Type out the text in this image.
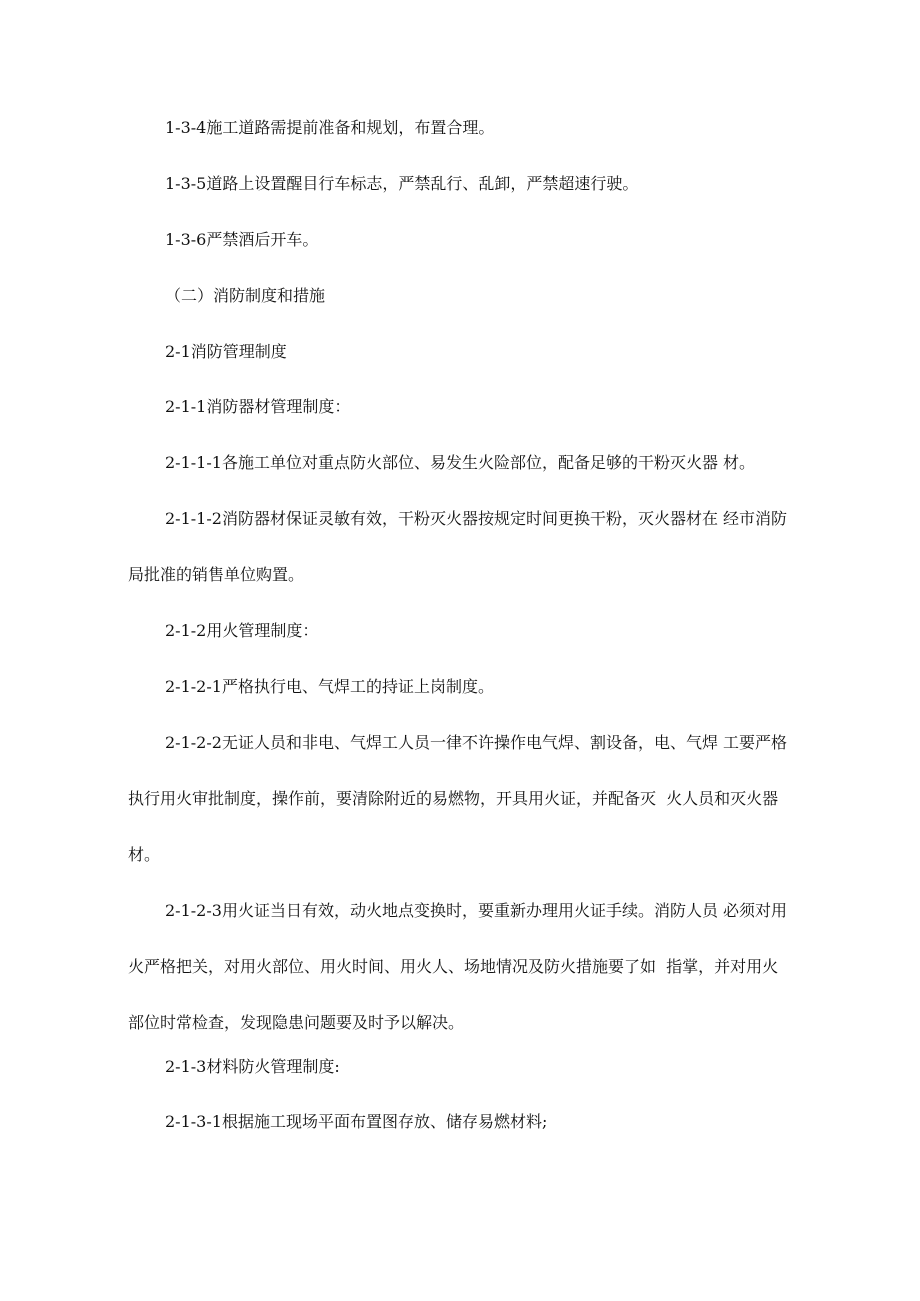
1-3-4施工道路需提前准备和规划，布置合理。
1-3-5道路上设置醒目行车标志，严禁乱行、乱卸，严禁超速行驶。
1-3-6严禁酒后开车。
（二）消防制度和措施
2-1消防管理制度
2-1-1消防器材管理制度：
2-1-1-1各施工单位对重点防火部位、易发生火险部位，配备足够的干粉灭火器 材。
2-1-1-2消防器材保证灵敏有效，干粉灭火器按规定时间更换干粉，灭火器材在 经市消防
局批准的销售单位购置。
2-1-2用火管理制度：
2-1-2-1严格执行电、气焊工的持证上岗制度。
2-1-2-2无证人员和非电、气焊工人员一律不许操作电气焊、割设备，电、气焊 工要严格
执行用火审批制度，操作前，要清除附近的易燃物，开具用火证，并配备灭  火人员和灭火器
材。
2-1-2-3用火证当日有效，动火地点变换时，要重新办理用火证手续。消防人员 必须对用
火严格把关，对用火部位、用火时间、用火人、场地情况及防火措施要了如  指掌，并对用火
部位时常检查，发现隐患问题要及时予以解决。
2-1-3材料防火管理制度:
2-1-3-1根据施工现场平面布置图存放、储存易燃材料;
